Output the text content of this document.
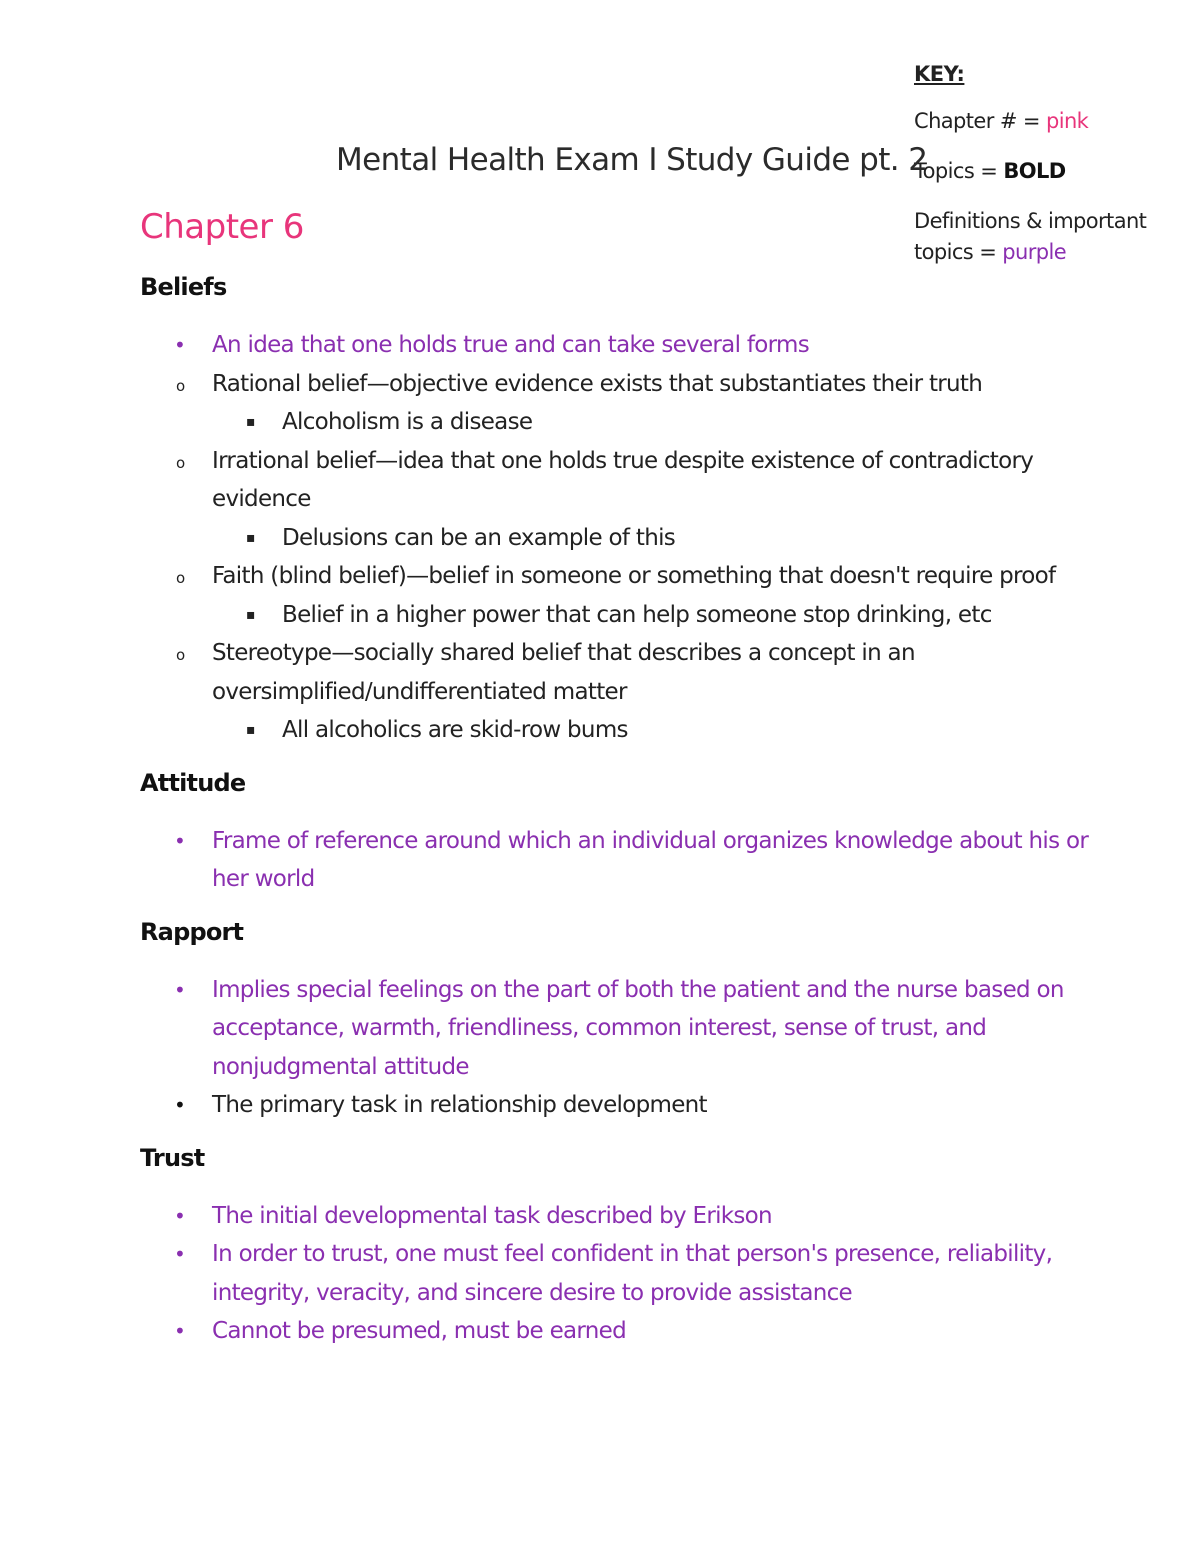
KEY:
Chapter # = pink
Topics = BOLD
Definitions & important topics = purple
Mental Health Exam I Study Guide pt. 2
Chapter 6
Beliefs
• An idea that one holds true and can take several forms
o Rational belief—objective evidence exists that substantiates their truth
▪ Alcoholism is a disease
o Irrational belief—idea that one holds true despite existence of contradictory evidence
▪ Delusions can be an example of this
o Faith (blind belief)—belief in someone or something that doesn't require proof
▪ Belief in a higher power that can help someone stop drinking, etc
o Stereotype—socially shared belief that describes a concept in an oversimplified/undifferentiated matter
▪ All alcoholics are skid-row bums
Attitude
• Frame of reference around which an individual organizes knowledge about his or her world
Rapport
• Implies special feelings on the part of both the patient and the nurse based on acceptance, warmth, friendliness, common interest, sense of trust, and nonjudgmental attitude
• The primary task in relationship development
Trust
• The initial developmental task described by Erikson
• In order to trust, one must feel confident in that person's presence, reliability, integrity, veracity, and sincere desire to provide assistance
• Cannot be presumed, must be earned
